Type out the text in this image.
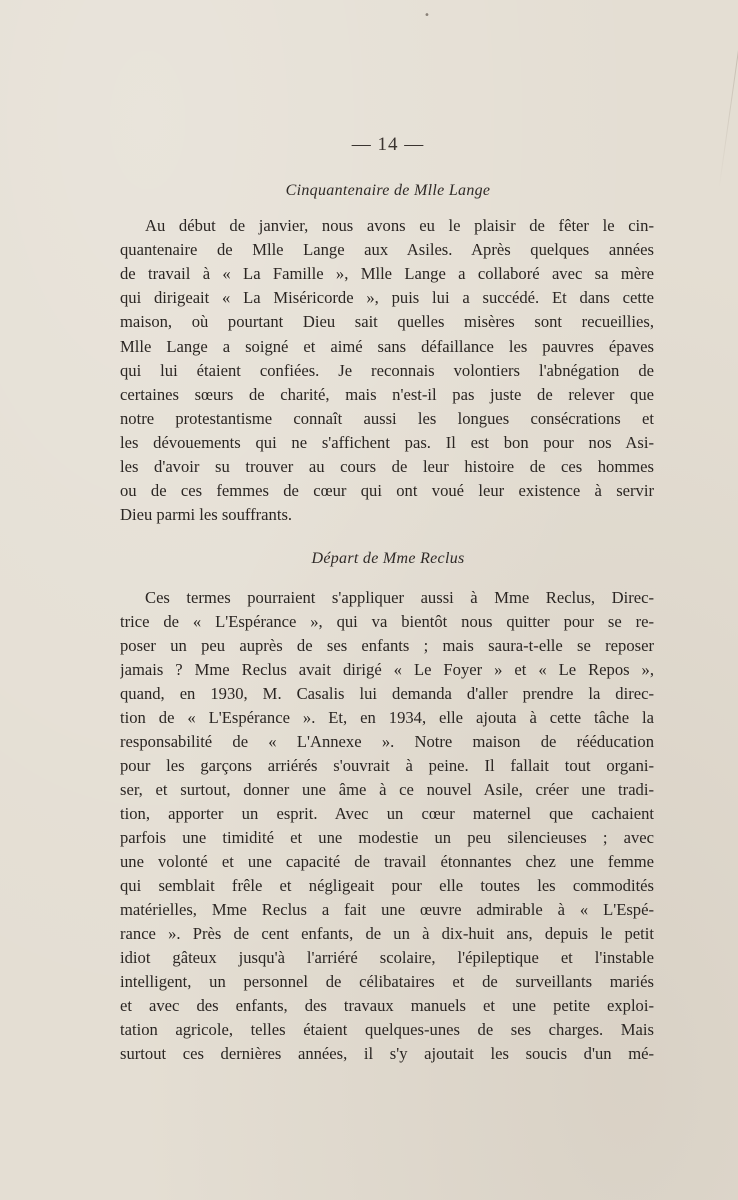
•
— 14 —
Cinquantenaire de Mlle Lange
Au début de janvier, nous avons eu le plaisir de fêter le cin-
quantenaire de Mlle Lange aux Asiles. Après quelques années
de travail à « La Famille », Mlle Lange a collaboré avec sa mère
qui dirigeait « La Miséricorde », puis lui a succédé. Et dans cette
maison, où pourtant Dieu sait quelles misères sont recueillies,
Mlle Lange a soigné et aimé sans défaillance les pauvres épaves
qui lui étaient confiées. Je reconnais volontiers l'abnégation de
certaines sœurs de charité, mais n'est-il pas juste de relever que
notre protestantisme connaît aussi les longues consécrations et
les dévouements qui ne s'affichent pas. Il est bon pour nos Asi-
les d'avoir su trouver au cours de leur histoire de ces hommes
ou de ces femmes de cœur qui ont voué leur existence à servir
Dieu parmi les souffrants.
Départ de Mme Reclus
Ces termes pourraient s'appliquer aussi à Mme Reclus, Direc-
trice de « L'Espérance », qui va bientôt nous quitter pour se re-
poser un peu auprès de ses enfants ; mais saura-t-elle se reposer
jamais ? Mme Reclus avait dirigé « Le Foyer » et « Le Repos »,
quand, en 1930, M. Casalis lui demanda d'aller prendre la direc-
tion de « L'Espérance ». Et, en 1934, elle ajouta à cette tâche la
responsabilité de « L'Annexe ». Notre maison de rééducation
pour les garçons arriérés s'ouvrait à peine. Il fallait tout organi-
ser, et surtout, donner une âme à ce nouvel Asile, créer une tradi-
tion, apporter un esprit. Avec un cœur maternel que cachaient
parfois une timidité et une modestie un peu silencieuses ; avec
une volonté et une capacité de travail étonnantes chez une femme
qui semblait frêle et négligeait pour elle toutes les commodités
matérielles, Mme Reclus a fait une œuvre admirable à « L'Espé-
rance ». Près de cent enfants, de un à dix-huit ans, depuis le petit
idiot gâteux jusqu'à l'arriéré scolaire, l'épileptique et l'instable
intelligent, un personnel de célibataires et de surveillants mariés
et avec des enfants, des travaux manuels et une petite exploi-
tation agricole, telles étaient quelques-unes de ses charges. Mais
surtout ces dernières années, il s'y ajoutait les soucis d'un mé-
